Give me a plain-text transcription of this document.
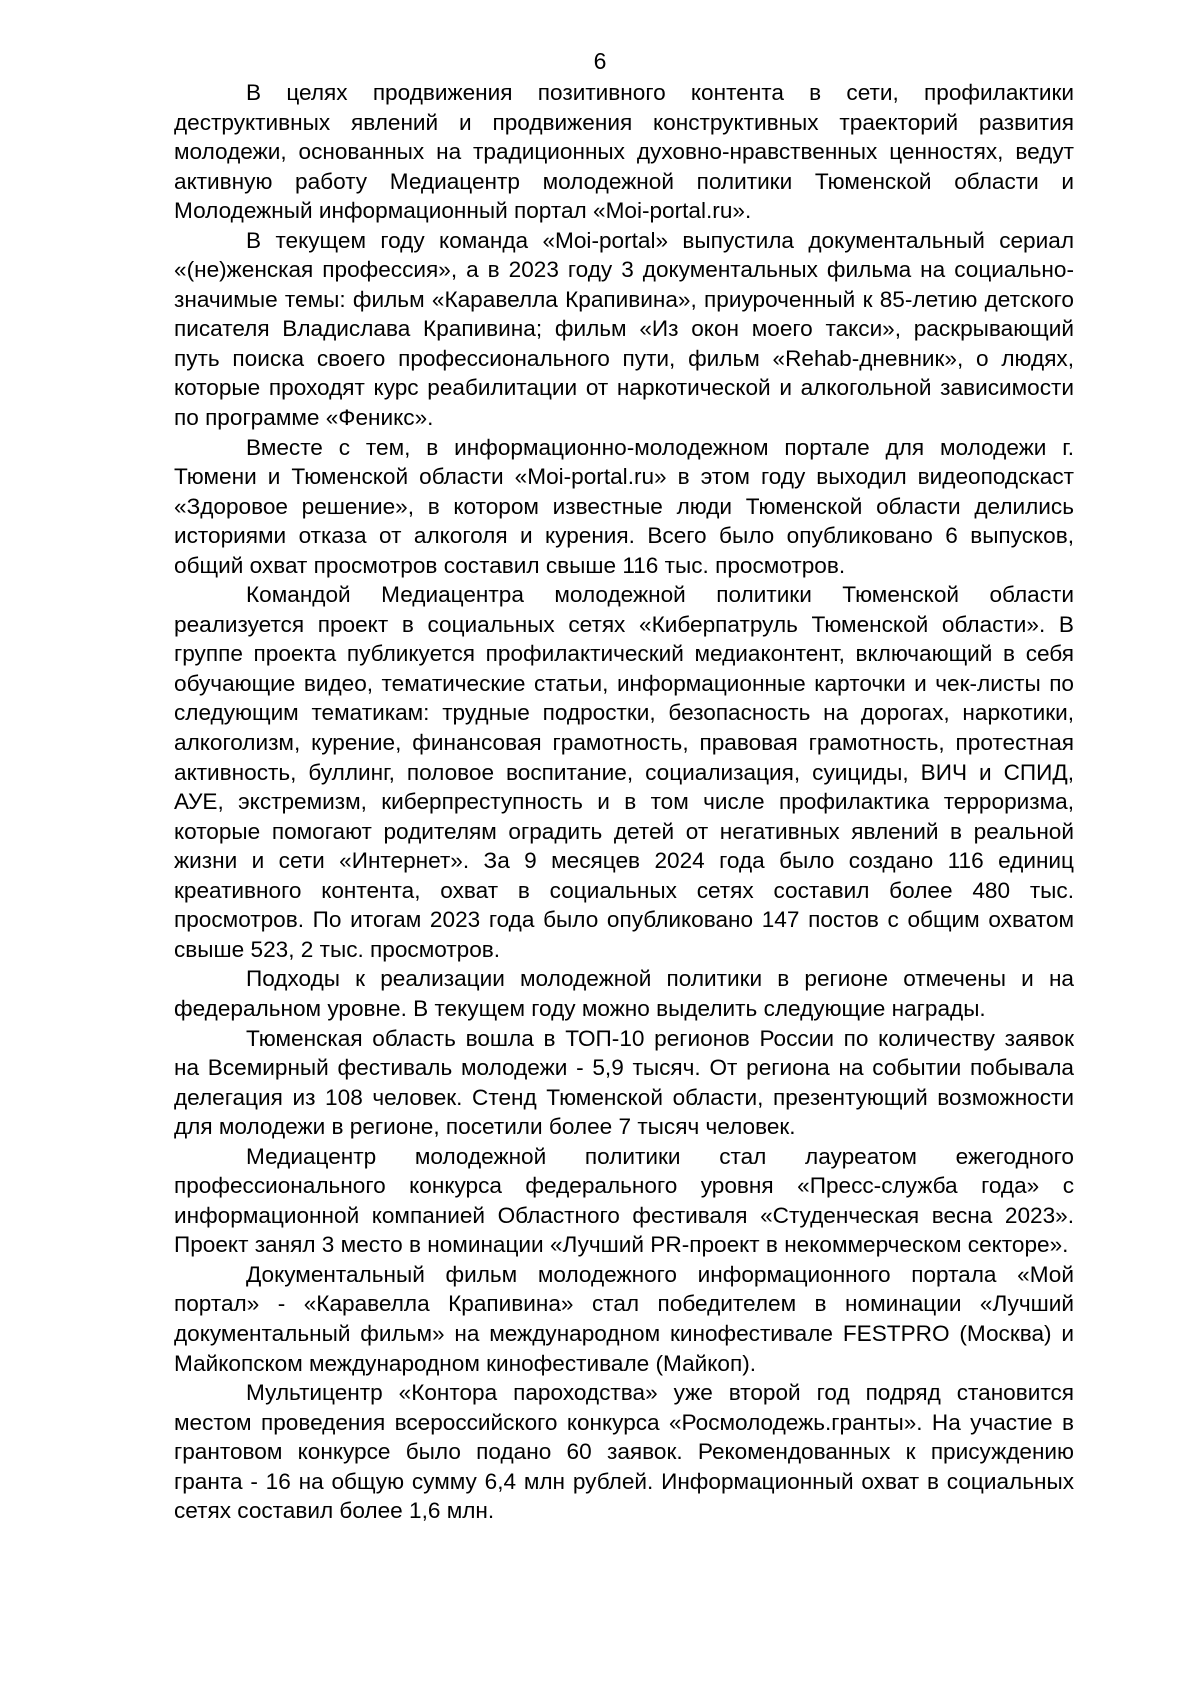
6

В целях продвижения позитивного контента в сети, профилактики деструктивных явлений и продвижения конструктивных траекторий развития молодежи, основанных на традиционных духовно-нравственных ценностях, ведут активную работу Медиацентр молодежной политики Тюменской области и Молодежный информационный портал «Moi-portal.ru».

В текущем году команда «Moi-portal» выпустила документальный сериал «(не)женская профессия», а в 2023 году 3 документальных фильма на социально-значимые темы: фильм «Каравелла Крапивина», приуроченный к 85-летию детского писателя Владислава Крапивина; фильм «Из окон моего такси», раскрывающий путь поиска своего профессионального пути, фильм «Rehab-дневник», о людях, которые проходят курс реабилитации от наркотической и алкогольной зависимости по программе «Феникс».

Вместе с тем, в информационно-молодежном портале для молодежи г. Тюмени и Тюменской области «Moi-portal.ru» в этом году выходил видеоподскаст «Здоровое решение», в котором известные люди Тюменской области делились историями отказа от алкоголя и курения. Всего было опубликовано 6 выпусков, общий охват просмотров составил свыше 116 тыс. просмотров.

Командой Медиацентра молодежной политики Тюменской области реализуется проект в социальных сетях «Киберпатруль Тюменской области». В группе проекта публикуется профилактический медиаконтент, включающий в себя обучающие видео, тематические статьи, информационные карточки и чек-листы по следующим тематикам: трудные подростки, безопасность на дорогах, наркотики, алкоголизм, курение, финансовая грамотность, правовая грамотность, протестная активность, буллинг, половое воспитание, социализация, суициды, ВИЧ и СПИД, АУЕ, экстремизм, киберпреступность и в том числе профилактика терроризма, которые помогают родителям оградить детей от негативных явлений в реальной жизни и сети «Интернет». За 9 месяцев 2024 года было создано 116 единиц креативного контента, охват в социальных сетях составил более 480 тыс. просмотров. По итогам 2023 года было опубликовано 147 постов с общим охватом свыше 523, 2 тыс. просмотров.

Подходы к реализации молодежной политики в регионе отмечены и на федеральном уровне. В текущем году можно выделить следующие награды.

Тюменская область вошла в ТОП-10 регионов России по количеству заявок на Всемирный фестиваль молодежи - 5,9 тысяч. От региона на событии побывала делегация из 108 человек. Стенд Тюменской области, презентующий возможности для молодежи в регионе, посетили более 7 тысяч человек.

Медиацентр молодежной политики стал лауреатом ежегодного профессионального конкурса федерального уровня «Пресс-служба года» с информационной компанией Областного фестиваля «Студенческая весна 2023». Проект занял 3 место в номинации «Лучший PR-проект в некоммерческом секторе».

Документальный фильм молодежного информационного портала «Мой портал» - «Каравелла Крапивина» стал победителем в номинации «Лучший документальный фильм» на международном кинофестивале FESTPRO (Москва) и Майкопском международном кинофестивале (Майкоп).

Мультицентр «Контора пароходства» уже второй год подряд становится местом проведения всероссийского конкурса «Росмолодежь.гранты». На участие в грантовом конкурсе было подано 60 заявок. Рекомендованных к присуждению гранта - 16 на общую сумму 6,4 млн рублей. Информационный охват в социальных сетях составил более 1,6 млн.
